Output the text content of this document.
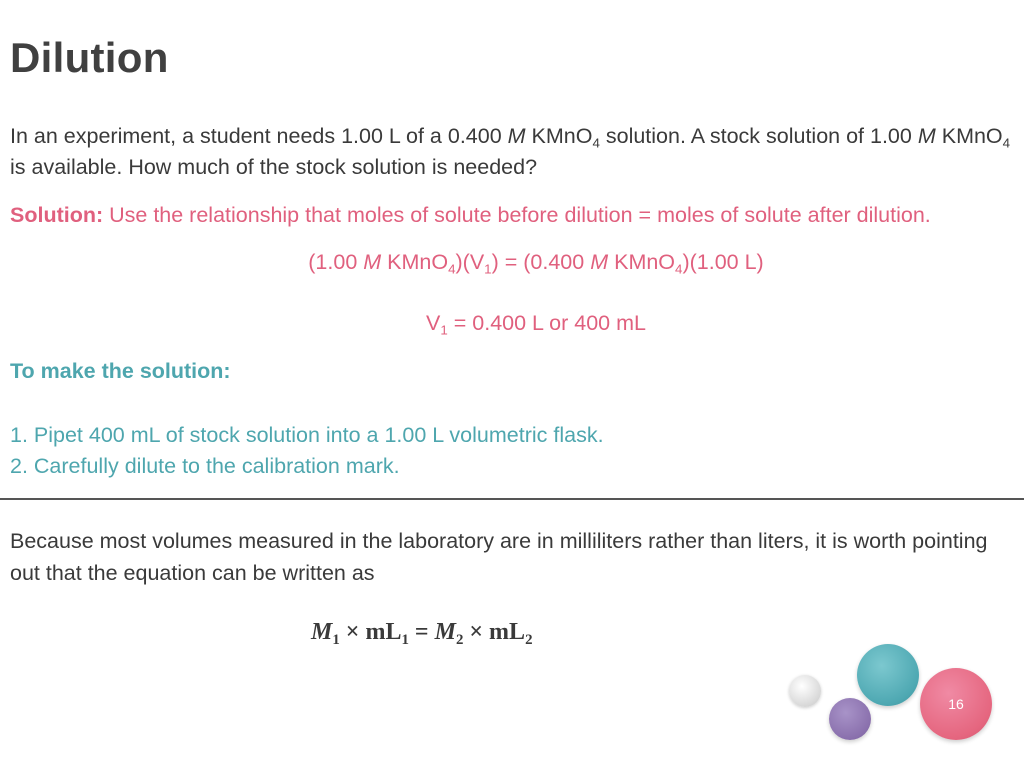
Dilution
In an experiment, a student needs 1.00 L of a 0.400 M KMnO$_4$ solution. A stock solution of 1.00 M KMnO$_4$ is available. How much of the stock solution is needed?
Solution: Use the relationship that moles of solute before dilution = moles of solute after dilution.
(1.00 M $KMnO_4)(V_1) = (0.400$ M KMnO$_4$)(1.00 L)
$V_1 = 0.400$ L or 400 mL
To make the solution:
1. Pipet 400 mL of stock solution into a 1.00 L volumetric flask.
2. Carefully dilute to the calibration mark.
Because most volumes measured in the laboratory are in milliliters rather than liters, it is worth pointing out that the equation can be written as
$M_1 \times mL_1 = M_2 \times mL_2$
16
